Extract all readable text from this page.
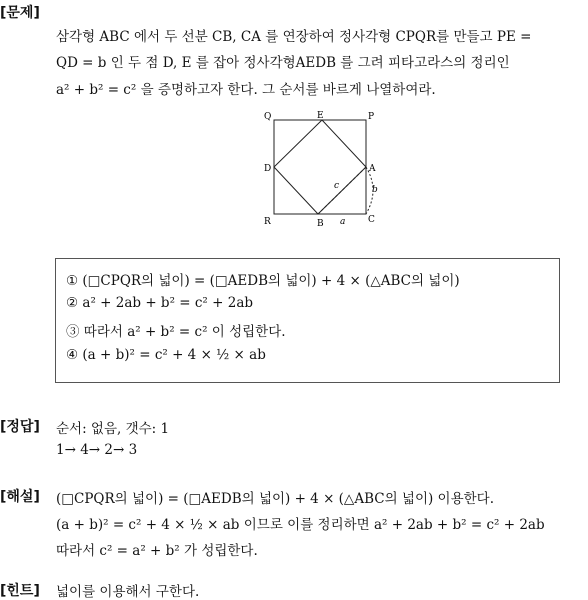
[문제]
삼각형 ABC 에서 두 선분 CB, CA 를 연장하여 정사각형 CPQR를 만들고 PE =
QD = b 인 두 점 D, E 를 잡아 정사각형AEDB 를 그려 피타고라스의 정리인
a² + b² = c² 을 증명하고자 한다. 그 순서를 바르게 나열하여라.
Q	E	P
D	A
R	B	C
c	b
a
① (□CPQR의 넓이) = (□AEDB의 넓이) + 4 × (△ABC의 넓이)
② a² + 2ab + b² = c² + 2ab
③ 따라서 a² + b² = c² 이 성립한다.
④ (a + b)² = c² + 4 × ½ × ab
[정답] 순서: 없음, 갯수: 1
1→ 4→ 2→ 3
[해설] (□CPQR의 넓이) = (□AEDB의 넓이) + 4 × (△ABC의 넓이) 이용한다.
(a + b)² = c² + 4 × ½ × ab 이므로 이를 정리하면 a² + 2ab + b² = c² + 2ab
따라서 c² = a² + b² 가 성립한다.
[힌트] 넓이를 이용해서 구한다.
